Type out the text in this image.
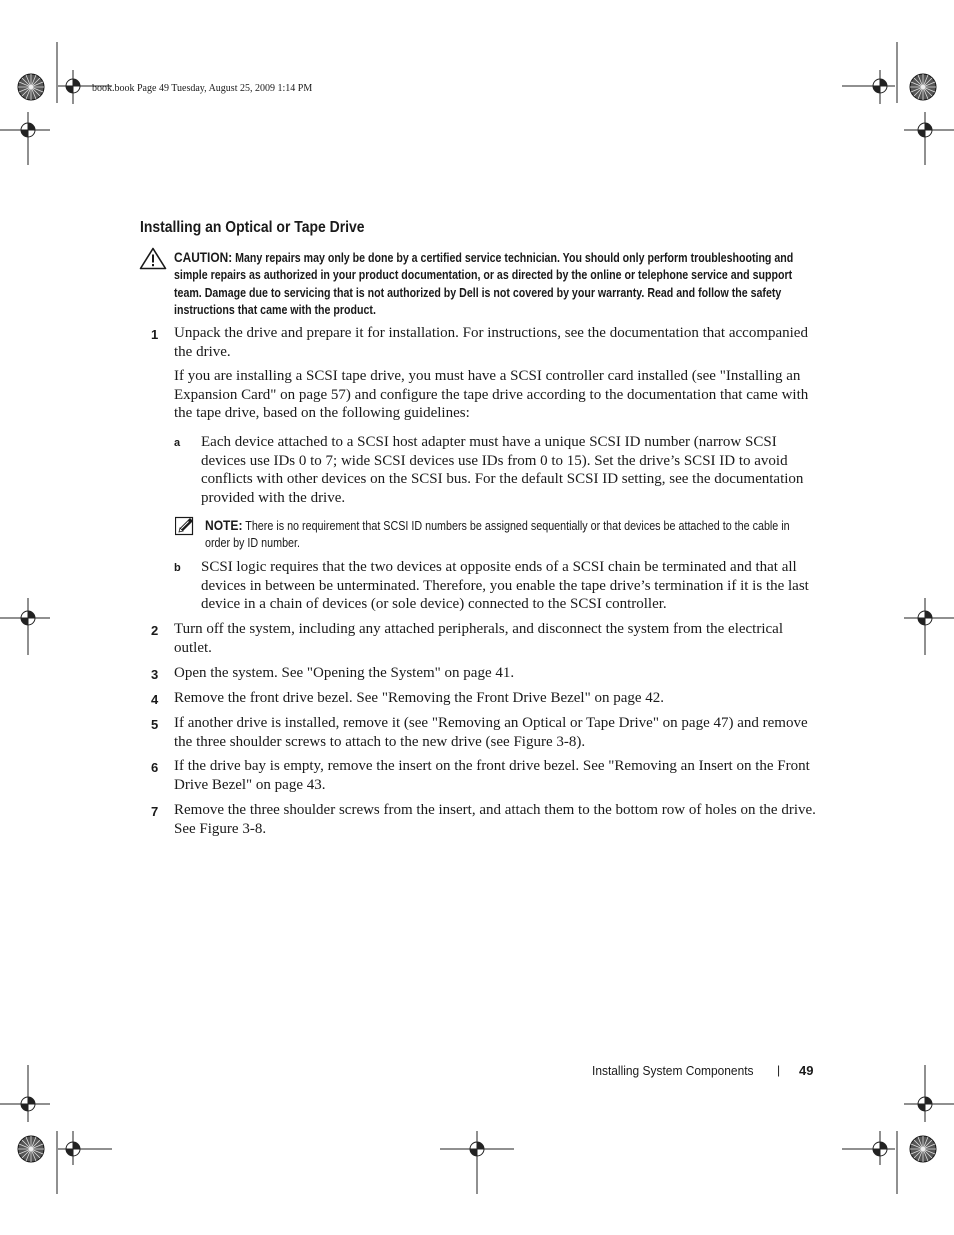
book.book Page 49 Tuesday, August 25, 2009 1:14 PM
Installing an Optical or Tape Drive
CAUTION: Many repairs may only be done by a certified service technician. You should only perform troubleshooting and simple repairs as authorized in your product documentation, or as directed by the online or telephone service and support team. Damage due to servicing that is not authorized by Dell is not covered by your warranty. Read and follow the safety instructions that came with the product.
1 Unpack the drive and prepare it for installation. For instructions, see the documentation that accompanied the drive.
If you are installing a SCSI tape drive, you must have a SCSI controller card installed (see "Installing an Expansion Card" on page 57) and configure the tape drive according to the documentation that came with the tape drive, based on the following guidelines:
a Each device attached to a SCSI host adapter must have a unique SCSI ID number (narrow SCSI devices use IDs 0 to 7; wide SCSI devices use IDs from 0 to 15). Set the drive’s SCSI ID to avoid conflicts with other devices on the SCSI bus. For the default SCSI ID setting, see the documentation provided with the drive.
NOTE: There is no requirement that SCSI ID numbers be assigned sequentially or that devices be attached to the cable in order by ID number.
b SCSI logic requires that the two devices at opposite ends of a SCSI chain be terminated and that all devices in between be unterminated. Therefore, you enable the tape drive’s termination if it is the last device in a chain of devices (or sole device) connected to the SCSI controller.
2 Turn off the system, including any attached peripherals, and disconnect the system from the electrical outlet.
3 Open the system. See "Opening the System" on page 41.
4 Remove the front drive bezel. See "Removing the Front Drive Bezel" on page 42.
5 If another drive is installed, remove it (see "Removing an Optical or Tape Drive" on page 47) and remove the three shoulder screws to attach to the new drive (see Figure 3-8).
6 If the drive bay is empty, remove the insert on the front drive bezel. See "Removing an Insert on the Front Drive Bezel" on page 43.
7 Remove the three shoulder screws from the insert, and attach them to the bottom row of holes on the drive. See Figure 3-8.
Installing System Components | 49
